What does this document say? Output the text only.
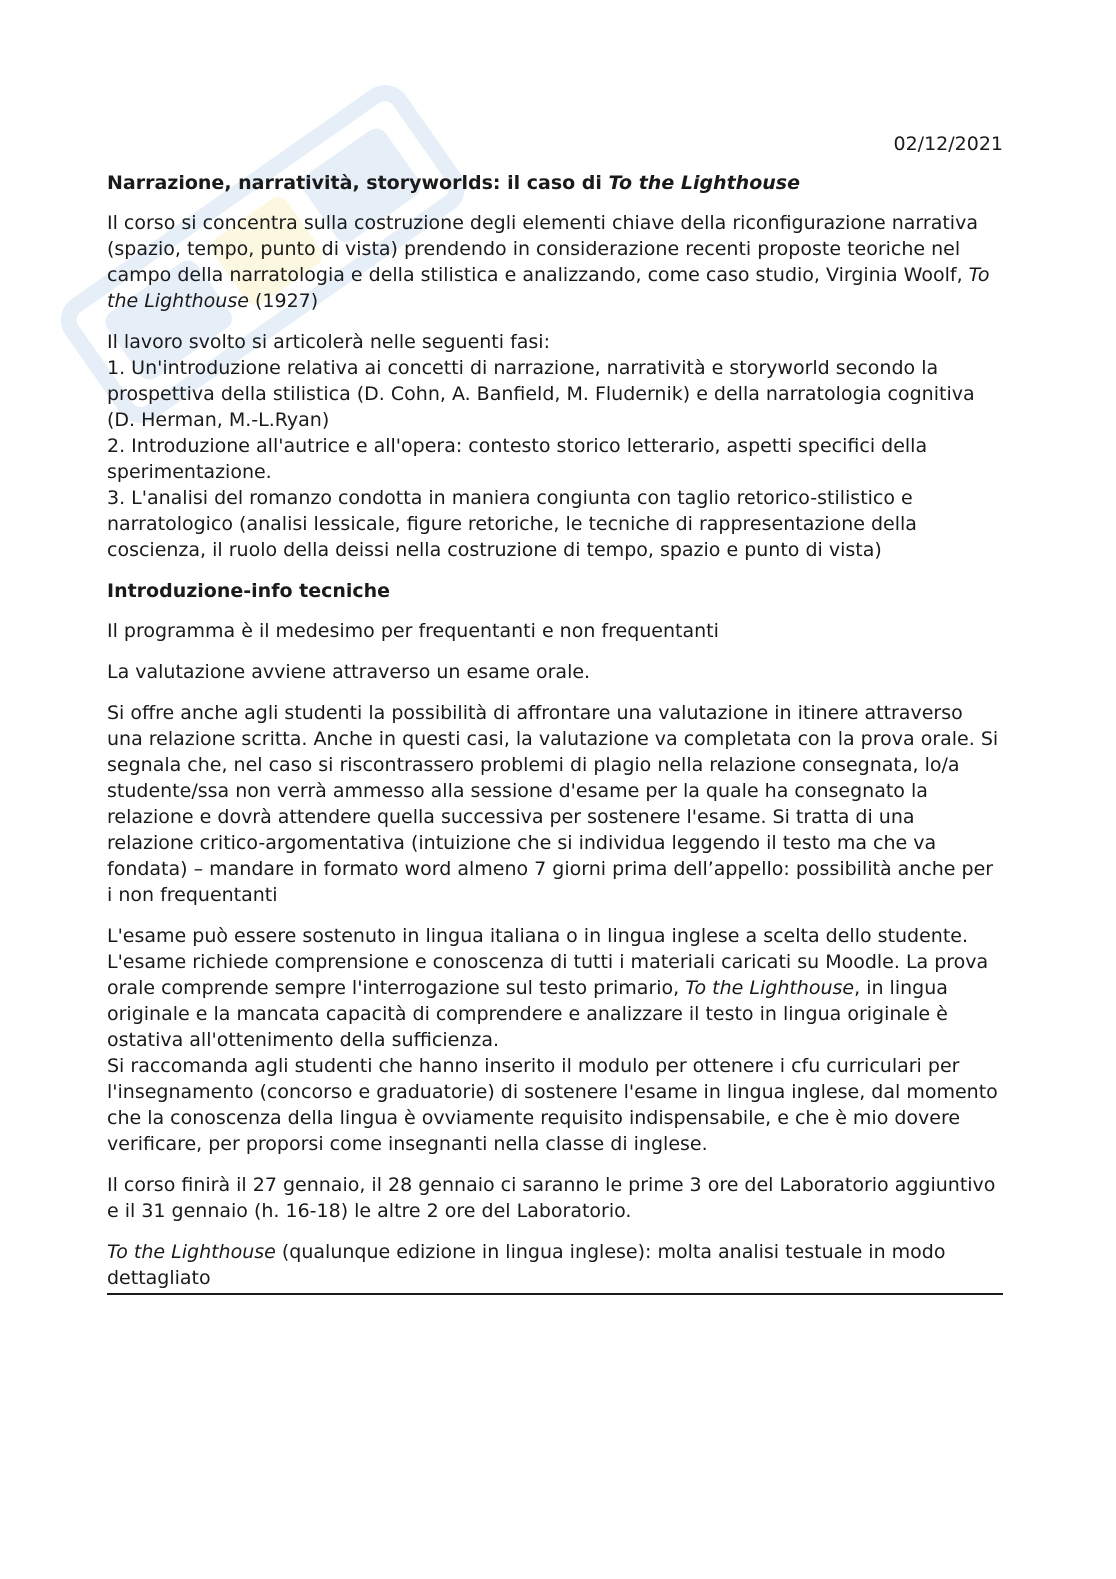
02/12/2021

Narrazione, narratività, storyworlds: il caso di To the Lighthouse

Il corso si concentra sulla costruzione degli elementi chiave della riconfigurazione narrativa (spazio, tempo, punto di vista) prendendo in considerazione recenti proposte teoriche nel campo della narratologia e della stilistica e analizzando, come caso studio, Virginia Woolf, To the Lighthouse (1927)

Il lavoro svolto si articolerà nelle seguenti fasi:
1. Un'introduzione relativa ai concetti di narrazione, narratività e storyworld secondo la prospettiva della stilistica (D. Cohn, A. Banfield, M. Fludernik) e della narratologia cognitiva (D. Herman, M.-L.Ryan)
2. Introduzione all'autrice e all'opera: contesto storico letterario, aspetti specifici della sperimentazione.
3. L'analisi del romanzo condotta in maniera congiunta con taglio retorico-stilistico e narratologico (analisi lessicale, figure retoriche, le tecniche di rappresentazione della coscienza, il ruolo della deissi nella costruzione di tempo, spazio e punto di vista)

Introduzione-info tecniche

Il programma è il medesimo per frequentanti e non frequentanti

La valutazione avviene attraverso un esame orale.

Si offre anche agli studenti la possibilità di affrontare una valutazione in itinere attraverso una relazione scritta. Anche in questi casi, la valutazione va completata con la prova orale. Si segnala che, nel caso si riscontrassero problemi di plagio nella relazione consegnata, lo/a studente/ssa non verrà ammesso alla sessione d'esame per la quale ha consegnato la relazione e dovrà attendere quella successiva per sostenere l'esame. Si tratta di una relazione critico-argomentativa (intuizione che si individua leggendo il testo ma che va fondata) – mandare in formato word almeno 7 giorni prima dell’appello: possibilità anche per i non frequentanti

L'esame può essere sostenuto in lingua italiana o in lingua inglese a scelta dello studente. L'esame richiede comprensione e conoscenza di tutti i materiali caricati su Moodle. La prova orale comprende sempre l'interrogazione sul testo primario, To the Lighthouse, in lingua originale e la mancata capacità di comprendere e analizzare il testo in lingua originale è ostativa all'ottenimento della sufficienza.
Si raccomanda agli studenti che hanno inserito il modulo per ottenere i cfu curriculari per l'insegnamento (concorso e graduatorie) di sostenere l'esame in lingua inglese, dal momento che la conoscenza della lingua è ovviamente requisito indispensabile, e che è mio dovere verificare, per proporsi come insegnanti nella classe di inglese.

Il corso finirà il 27 gennaio, il 28 gennaio ci saranno le prime 3 ore del Laboratorio aggiuntivo e il 31 gennaio (h. 16-18) le altre 2 ore del Laboratorio.

To the Lighthouse (qualunque edizione in lingua inglese): molta analisi testuale in modo dettagliato
